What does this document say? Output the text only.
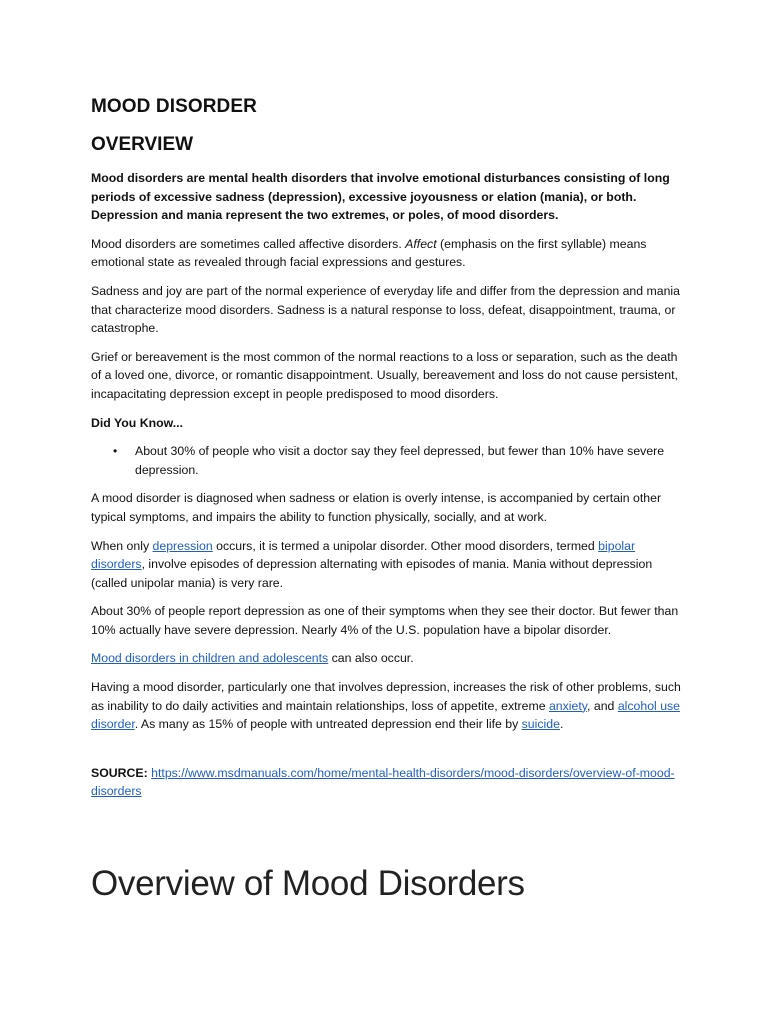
MOOD DISORDER
OVERVIEW

Mood disorders are mental health disorders that involve emotional disturbances consisting of long periods of excessive sadness (depression), excessive joyousness or elation (mania), or both. Depression and mania represent the two extremes, or poles, of mood disorders.

Mood disorders are sometimes called affective disorders. Affect (emphasis on the first syllable) means emotional state as revealed through facial expressions and gestures.

Sadness and joy are part of the normal experience of everyday life and differ from the depression and mania that characterize mood disorders. Sadness is a natural response to loss, defeat, disappointment, trauma, or catastrophe.

Grief or bereavement is the most common of the normal reactions to a loss or separation, such as the death of a loved one, divorce, or romantic disappointment. Usually, bereavement and loss do not cause persistent, incapacitating depression except in people predisposed to mood disorders.

Did You Know...

• About 30% of people who visit a doctor say they feel depressed, but fewer than 10% have severe depression.

A mood disorder is diagnosed when sadness or elation is overly intense, is accompanied by certain other typical symptoms, and impairs the ability to function physically, socially, and at work.

When only depression occurs, it is termed a unipolar disorder. Other mood disorders, termed bipolar disorders, involve episodes of depression alternating with episodes of mania. Mania without depression (called unipolar mania) is very rare.

About 30% of people report depression as one of their symptoms when they see their doctor. But fewer than 10% actually have severe depression. Nearly 4% of the U.S. population have a bipolar disorder.

Mood disorders in children and adolescents can also occur.

Having a mood disorder, particularly one that involves depression, increases the risk of other problems, such as inability to do daily activities and maintain relationships, loss of appetite, extreme anxiety, and alcohol use disorder. As many as 15% of people with untreated depression end their life by suicide.

SOURCE: https://www.msdmanuals.com/home/mental-health-disorders/mood-disorders/overview-of-mood-disorders

Overview of Mood Disorders
